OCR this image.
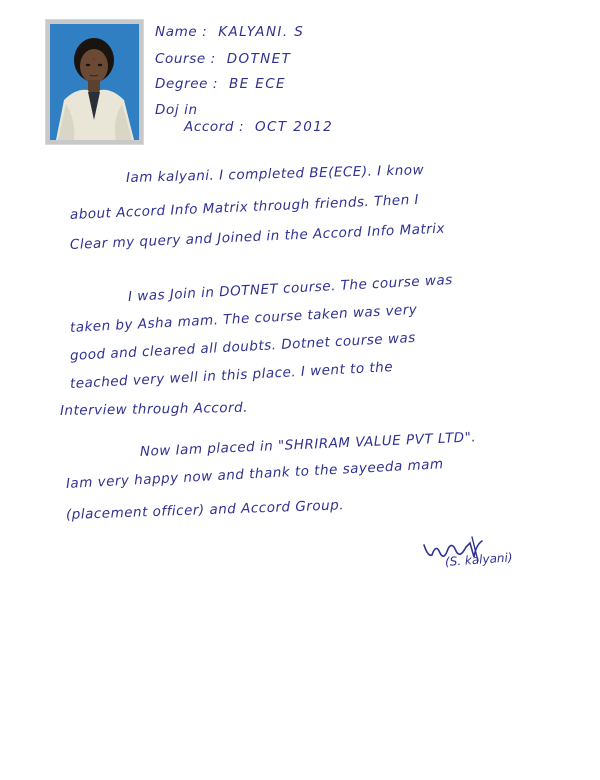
Name : KALYANI. S
Course : DOTNET
Degree : BE ECE
Doj in
Accord : OCT 2012
Iam kalyani. I completed BE(ECE). I know
about Accord Info Matrix through friends. Then I
Clear my query and Joined in the Accord Info Matrix
I was Join in DOTNET course. The course was
taken by Asha mam. The course taken was very
good and cleared all doubts. Dotnet course was
teached very well in this place. I went to the
Interview through Accord.
Now Iam placed in "SHRIRAM VALUE PVT LTD".
Iam very happy now and thank to the sayeeda mam
(placement officer) and Accord Group.
(S. kalyani)
